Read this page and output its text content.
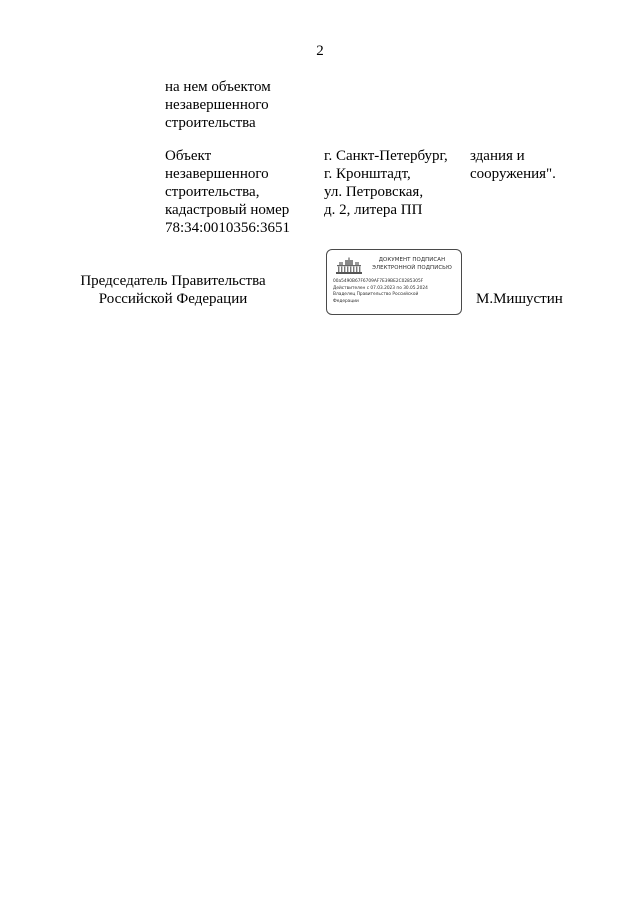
2
на нем объектом
незавершенного
строительства
Объект
незавершенного
строительства,
кадастровый номер
78:34:0010356:3651
г. Санкт-Петербург,
г. Кронштадт,
ул. Петровская,
д. 2, литера ПП
здания и
сооружения".
Председатель Правительства
Российской Федерации
ДОКУМЕНТ ПОДПИСАН
ЭЛЕКТРОННОЙ ПОДПИСЬЮ
00a5490B67F6709AF7E39BE2C0285305F
Действителен с 07.03.2023 по 30.05.2024
Владелец Правительство Российской
Федерации	М.Мишустин
